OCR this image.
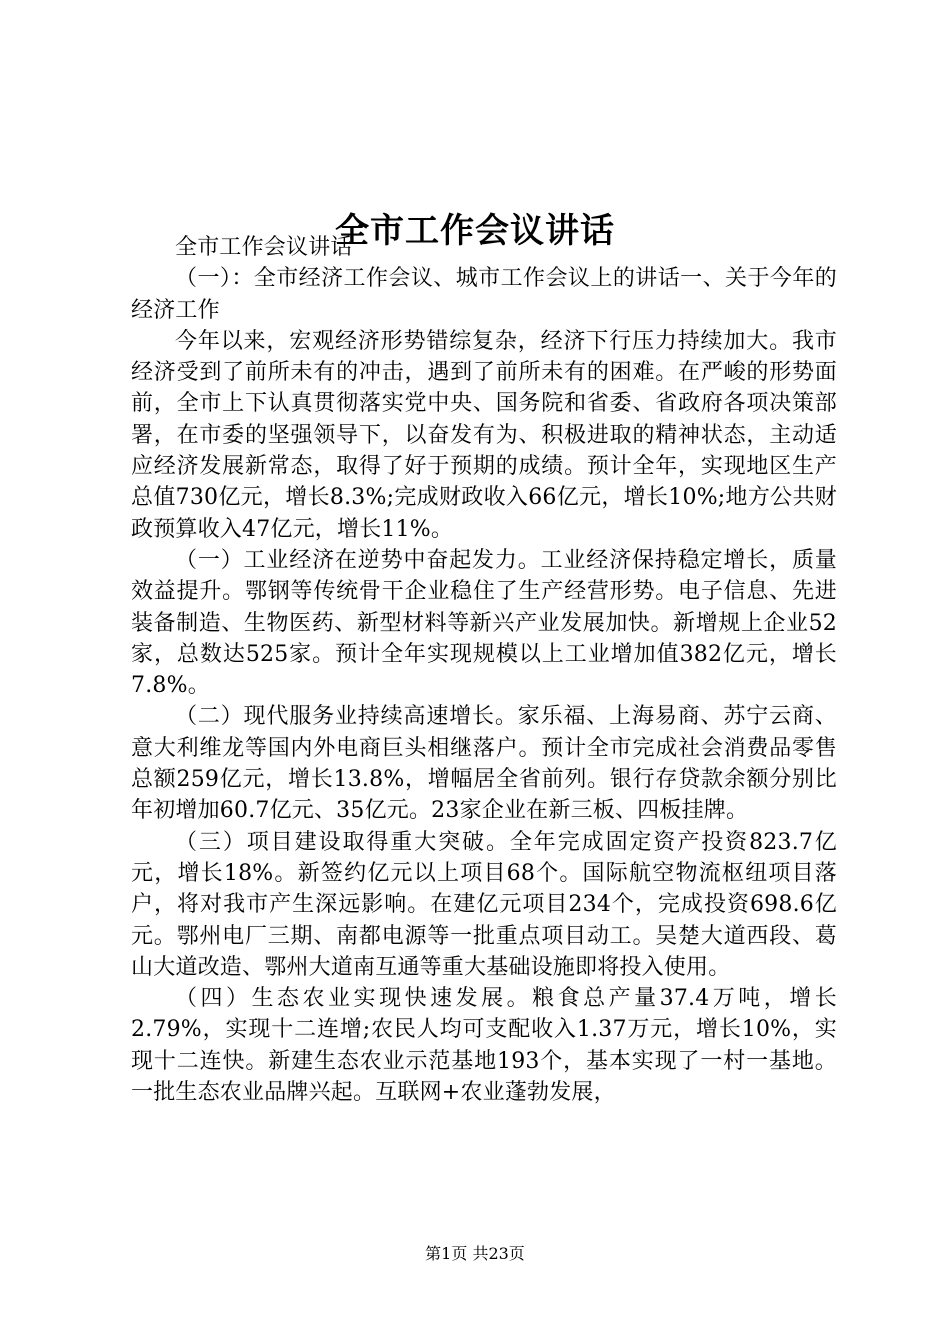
全市工作会议讲话

全市工作会议讲话

（一）：全市经济工作会议、城市工作会议上的讲话一、关于今年的经济工作

今年以来，宏观经济形势错综复杂，经济下行压力持续加大。我市经济受到了前所未有的冲击，遇到了前所未有的困难。在严峻的形势面前，全市上下认真贯彻落实党中央、国务院和省委、省政府各项决策部署，在市委的坚强领导下，以奋发有为、积极进取的精神状态，主动适应经济发展新常态，取得了好于预期的成绩。预计全年，实现地区生产总值730亿元，增长8.3%;完成财政收入66亿元，增长10%;地方公共财政预算收入47亿元，增长11%。

（一）工业经济在逆势中奋起发力。工业经济保持稳定增长，质量效益提升。鄂钢等传统骨干企业稳住了生产经营形势。电子信息、先进装备制造、生物医药、新型材料等新兴产业发展加快。新增规上企业52家，总数达525家。预计全年实现规模以上工业增加值382亿元，增长7.8%。

（二）现代服务业持续高速增长。家乐福、上海易商、苏宁云商、意大利维龙等国内外电商巨头相继落户。预计全市完成社会消费品零售总额259亿元，增长13.8%，增幅居全省前列。银行存贷款余额分别比年初增加60.7亿元、35亿元。23家企业在新三板、四板挂牌。

（三）项目建设取得重大突破。全年完成固定资产投资823.7亿元，增长18%。新签约亿元以上项目68个。国际航空物流枢纽项目落户，将对我市产生深远影响。在建亿元项目234个，完成投资698.6亿元。鄂州电厂三期、南都电源等一批重点项目动工。吴楚大道西段、葛山大道改造、鄂州大道南互通等重大基础设施即将投入使用。

（四）生态农业实现快速发展。粮食总产量37.4万吨，增长2.79%，实现十二连增;农民人均可支配收入1.37万元，增长10%，实现十二连快。新建生态农业示范基地193个，基本实现了一村一基地。一批生态农业品牌兴起。互联网+农业蓬勃发展，

第1页 共23页
